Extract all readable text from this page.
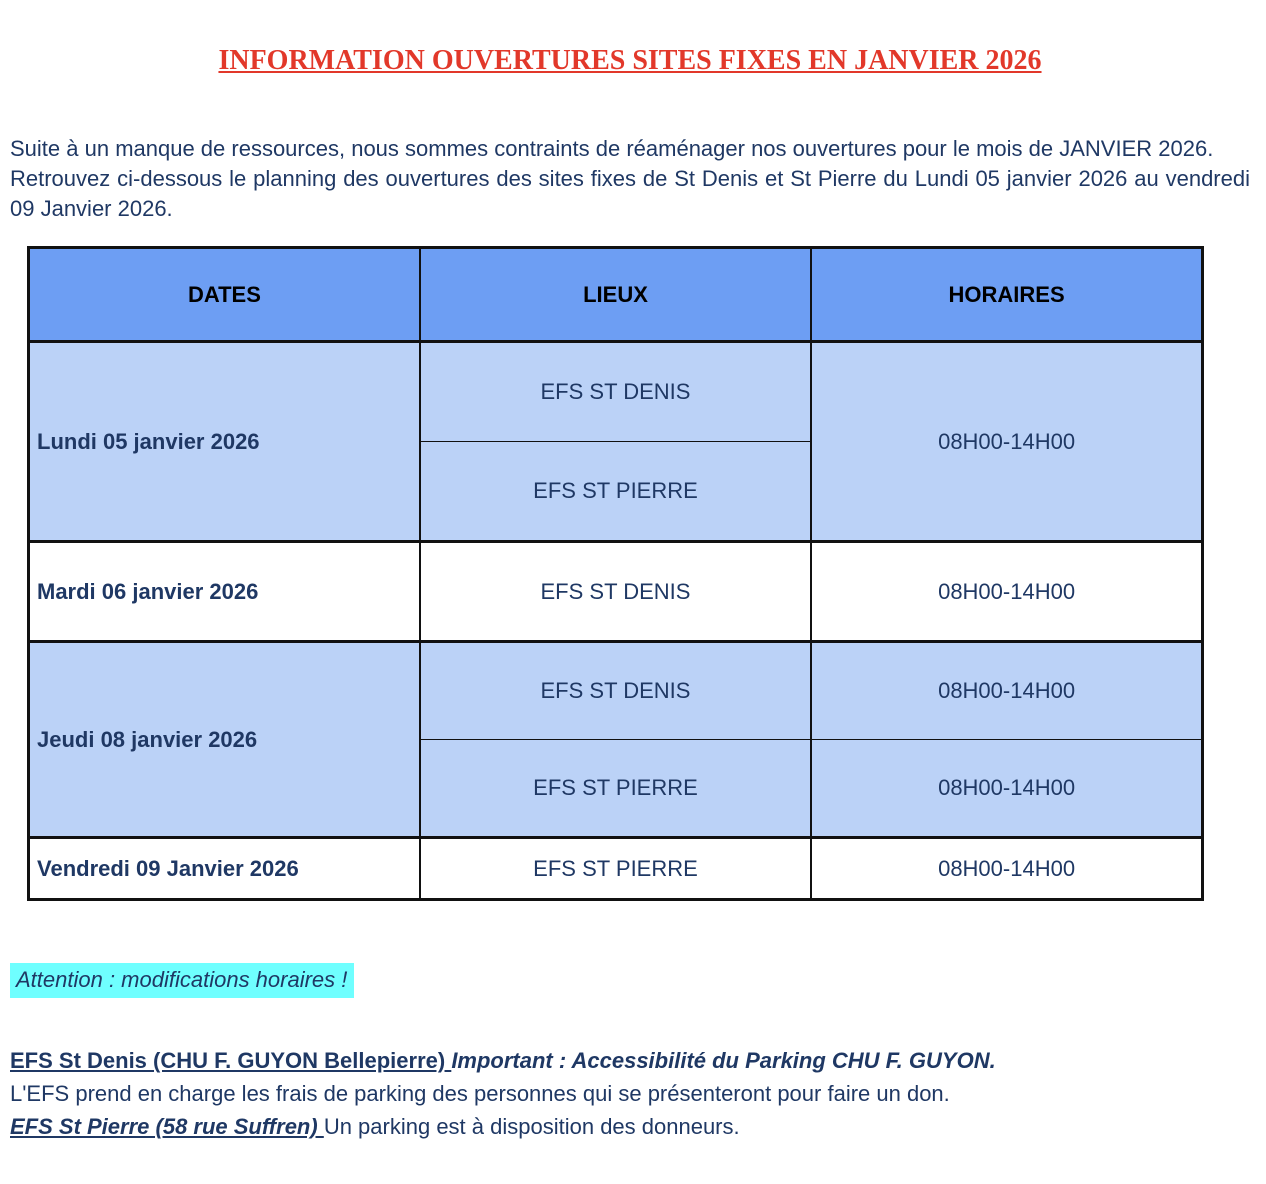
INFORMATION OUVERTURES SITES FIXES EN JANVIER 2026

Suite à un manque de ressources, nous sommes contraints de réaménager nos ouvertures pour le mois de JANVIER 2026.

Retrouvez ci-dessous le planning des ouvertures des sites fixes de St Denis et St Pierre du Lundi 05 janvier 2026 au vendredi 09 Janvier 2026.

DATES	LIEUX	HORAIRES
Lundi 05 janvier 2026	EFS ST DENIS	08H00-14H00
	EFS ST PIERRE	
Mardi 06 janvier 2026	EFS ST DENIS	08H00-14H00
Jeudi 08 janvier 2026	EFS ST DENIS	08H00-14H00
	EFS ST PIERRE	08H00-14H00
Vendredi 09 Janvier 2026	EFS ST PIERRE	08H00-14H00
Attention : modifications horaires !

EFS St Denis (CHU F. GUYON Bellepierre) Important : Accessibilité du Parking CHU F. GUYON.

L'EFS prend en charge les frais de parking des personnes qui se présenteront pour faire un don.

EFS St Pierre (58 rue Suffren) Un parking est à disposition des donneurs.
